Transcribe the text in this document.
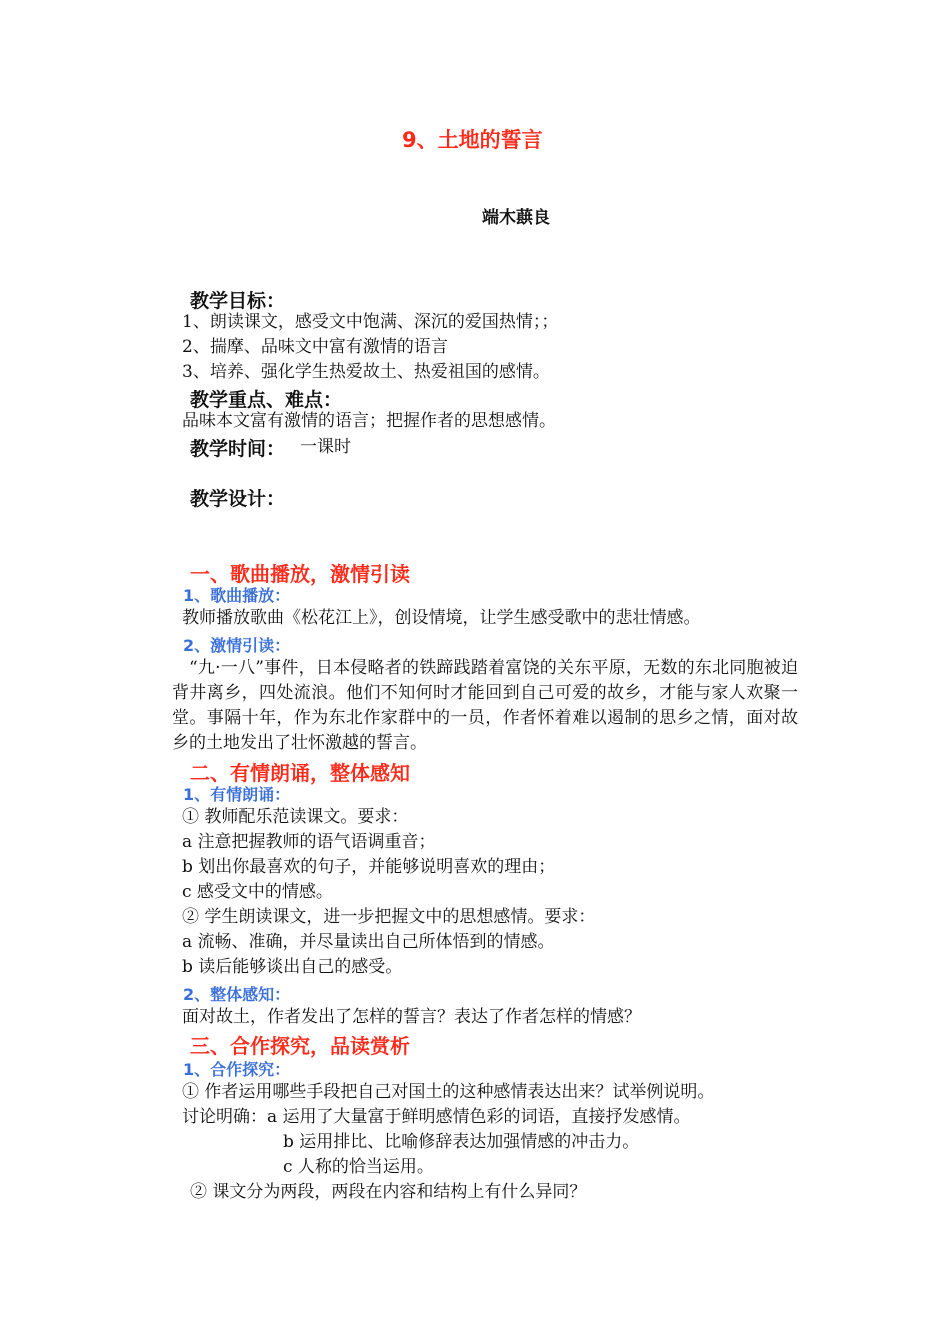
9、土地的誓言
端木蕻良
教学目标：
1、朗读课文，感受文中饱满、深沉的爱国热情；；
2、揣摩、品味文中富有激情的语言
3、培养、强化学生热爱故土、热爱祖国的感情。
教学重点、难点：
品味本文富有激情的语言；把握作者的思想感情。
教学时间： 一课时
教学设计：
一、歌曲播放，激情引读
1、歌曲播放：
教师播放歌曲《松花江上》，创设情境，让学生感受歌中的悲壮情感。
2、激情引读：
“九·一八”事件，日本侵略者的铁蹄践踏着富饶的关东平原，无数的东北同胞被迫背井离乡，四处流浪。他们不知何时才能回到自己可爱的故乡，才能与家人欢聚一堂。事隔十年，作为东北作家群中的一员，作者怀着难以遏制的思乡之情，面对故乡的土地发出了壮怀激越的誓言。
二、有情朗诵，整体感知
1、有情朗诵：
① 教师配乐范读课文。要求：
a 注意把握教师的语气语调重音；
b 划出你最喜欢的句子，并能够说明喜欢的理由；
c 感受文中的情感。
② 学生朗读课文，进一步把握文中的思想感情。要求：
a 流畅、准确，并尽量读出自己所体悟到的情感。
b 读后能够谈出自己的感受。
2、整体感知：
面对故土，作者发出了怎样的誓言？表达了作者怎样的情感？
三、合作探究，品读赏析
1、合作探究：
① 作者运用哪些手段把自己对国土的这种感情表达出来？试举例说明。
讨论明确：a 运用了大量富于鲜明感情色彩的词语，直接抒发感情。
b 运用排比、比喻修辞表达加强情感的冲击力。
c 人称的恰当运用。
② 课文分为两段，两段在内容和结构上有什么异同？
